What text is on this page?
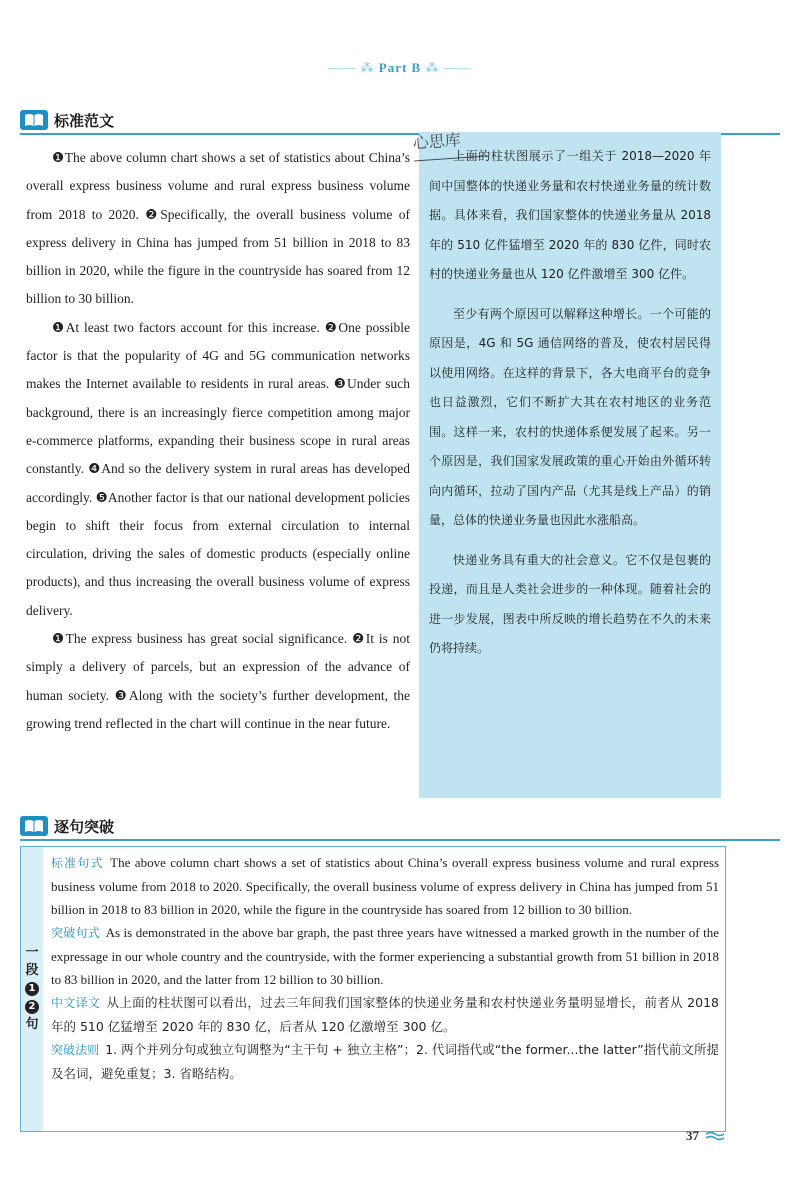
—— ⁂ Part B ⁂ ——
标准范文

❶The above column chart shows a set of statistics about China’s overall express business volume and rural express business volume from 2018 to 2020. ❷Specifically, the overall business volume of express delivery in China has jumped from 51 billion in 2018 to 83 billion in 2020, while the figure in the countryside has soared from 12 billion to 30 billion.

❶At least two factors account for this increase. ❷One possible factor is that the popularity of 4G and 5G communication networks makes the Internet available to residents in rural areas. ❸Under such background, there is an increasingly fierce competition among major e-commerce platforms, expanding their business scope in rural areas constantly. ❹And so the delivery system in rural areas has developed accordingly. ❺Another factor is that our national development policies begin to shift their focus from external circulation to internal circulation, driving the sales of domestic products (especially online products), and thus increasing the overall business volume of express delivery.

❶The express business has great social significance. ❷It is not simply a delivery of parcels, but an expression of the advance of human society. ❸Along with the society’s further development, the growing trend reflected in the chart will continue in the near future.

上面的柱状图展示了一组关于 2018—2020 年间中国整体的快递业务量和农村快递业务量的统计数据。具体来看，我们国家整体的快递业务量从 2018 年的 510 亿件猛增至 2020 年的 830 亿件，同时农村的快递业务量也从 120 亿件激增至 300 亿件。

至少有两个原因可以解释这种增长。一个可能的原因是，4G 和 5G 通信网络的普及，使农村居民得以使用网络。在这样的背景下，各大电商平台的竞争也日益激烈，它们不断扩大其在农村地区的业务范围。这样一来，农村的快递体系便发展了起来。另一个原因是，我们国家发展政策的重心开始由外循环转向内循环，拉动了国内产品（尤其是线上产品）的销量，总体的快递业务量也因此水涨船高。

快递业务具有重大的社会意义。它不仅是包裹的投递，而且是人类社会进步的一种体现。随着社会的进一步发展，图表中所反映的增长趋势在不久的未来仍将持续。

心思库
逐句突破
一
段
1
2
句

标准句式 The above column chart shows a set of statistics about China’s overall express business volume and rural express business volume from 2018 to 2020. Specifically, the overall business volume of express delivery in China has jumped from 51 billion in 2018 to 83 billion in 2020, while the figure in the countryside has soared from 12 billion to 30 billion.

突破句式 As is demonstrated in the above bar graph, the past three years have witnessed a marked growth in the number of the expressage in our whole country and the countryside, with the former experiencing a substantial growth from 51 billion in 2018 to 83 billion in 2020, and the latter from 12 billion to 30 billion.

中文译文 从上面的柱状图可以看出，过去三年间我们国家整体的快递业务量和农村快递业务量明显增长，前者从 2018 年的 510 亿猛增至 2020 年的 830 亿，后者从 120 亿激增至 300 亿。

突破法则 1. 两个并列分句或独立句调整为“主干句 + 独立主格”；2. 代词指代或“the former...the latter”指代前文所提及名词，避免重复；3. 省略结构。

37
